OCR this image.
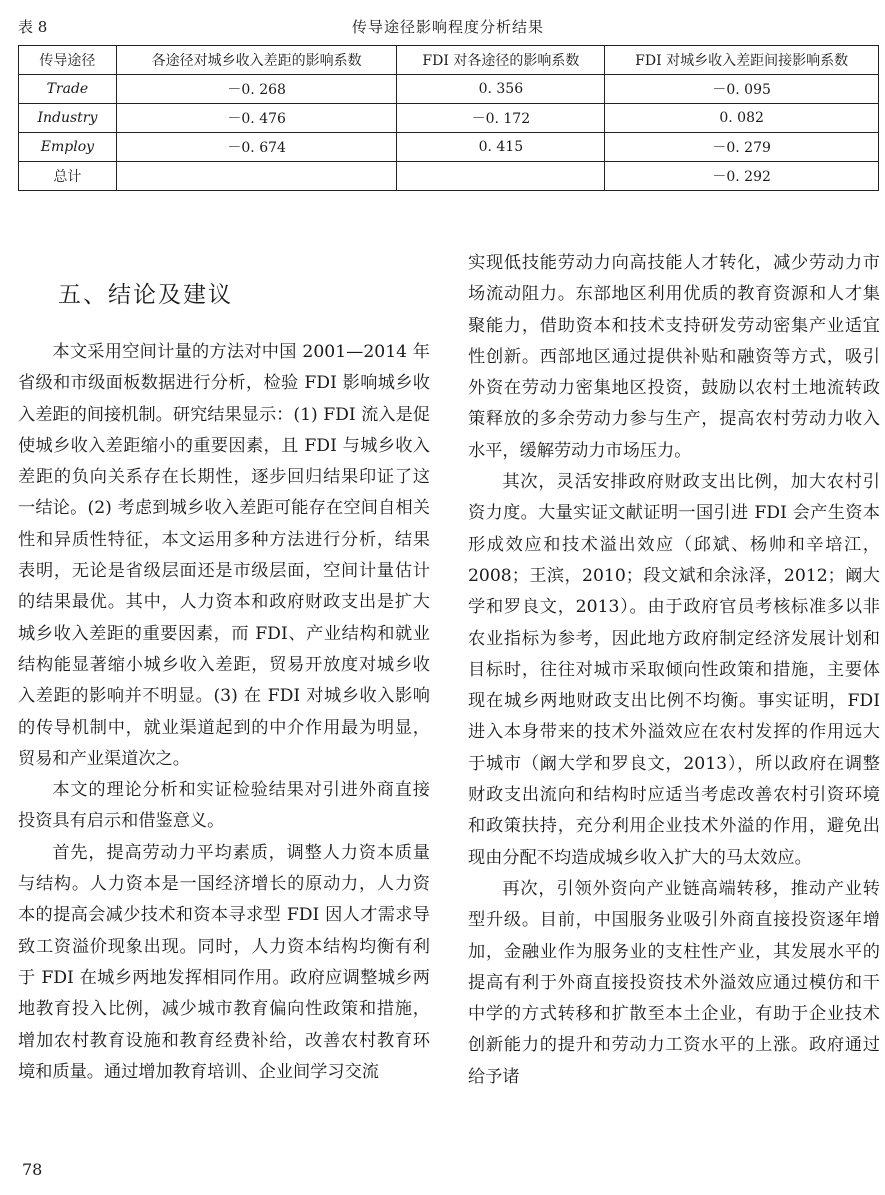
表 8	传导途径影响程度分析结果
传导途径	各途径对城乡收入差距的影响系数	FDI 对各途径的影响系数	FDI 对城乡收入差距间接影响系数
Trade	－0. 268	0. 356	－0. 095
Industry	－0. 476	－0. 172	0. 082
Employ	－0. 674	0. 415	－0. 279
总计			－0. 292
五、结论及建议

本文采用空间计量的方法对中国 2001—2014 年省级和市级面板数据进行分析，检验 FDI 影响城乡收入差距的间接机制。研究结果显示：(1) FDI 流入是促使城乡收入差距缩小的重要因素，且 FDI 与城乡收入差距的负向关系存在长期性，逐步回归结果印证了这一结论。(2) 考虑到城乡收入差距可能存在空间自相关性和异质性特征，本文运用多种方法进行分析，结果表明，无论是省级层面还是市级层面，空间计量估计的结果最优。其中，人力资本和政府财政支出是扩大城乡收入差距的重要因素，而 FDI、产业结构和就业结构能显著缩小城乡收入差距，贸易开放度对城乡收入差距的影响并不明显。(3) 在 FDI 对城乡收入影响的传导机制中，就业渠道起到的中介作用最为明显，贸易和产业渠道次之。

本文的理论分析和实证检验结果对引进外商直接投资具有启示和借鉴意义。

首先，提高劳动力平均素质，调整人力资本质量与结构。人力资本是一国经济增长的原动力，人力资本的提高会减少技术和资本寻求型 FDI 因人才需求导致工资溢价现象出现。同时，人力资本结构均衡有利于 FDI 在城乡两地发挥相同作用。政府应调整城乡两地教育投入比例，减少城市教育偏向性政策和措施，增加农村教育设施和教育经费补给，改善农村教育环境和质量。通过增加教育培训、企业间学习交流

实现低技能劳动力向高技能人才转化，减少劳动力市场流动阻力。东部地区利用优质的教育资源和人才集聚能力，借助资本和技术支持研发劳动密集产业适宜性创新。西部地区通过提供补贴和融资等方式，吸引外资在劳动力密集地区投资，鼓励以农村土地流转政策释放的多余劳动力参与生产，提高农村劳动力收入水平，缓解劳动力市场压力。

其次，灵活安排政府财政支出比例，加大农村引资力度。大量实证文献证明一国引进 FDI 会产生资本形成效应和技术溢出效应（邱斌、杨帅和辛培江，2008；王滨，2010；段文斌和余泳泽，2012；阚大学和罗良文，2013）。由于政府官员考核标准多以非农业指标为参考，因此地方政府制定经济发展计划和目标时，往往对城市采取倾向性政策和措施，主要体现在城乡两地财政支出比例不均衡。事实证明，FDI 进入本身带来的技术外溢效应在农村发挥的作用远大于城市（阚大学和罗良文，2013），所以政府在调整财政支出流向和结构时应适当考虑改善农村引资环境和政策扶持，充分利用企业技术外溢的作用，避免出现由分配不均造成城乡收入扩大的马太效应。

再次，引领外资向产业链高端转移，推动产业转型升级。目前，中国服务业吸引外商直接投资逐年增加，金融业作为服务业的支柱性产业，其发展水平的提高有利于外商直接投资技术外溢效应通过模仿和干中学的方式转移和扩散至本土企业，有助于企业技术创新能力的提升和劳动力工资水平的上涨。政府通过给予诸

78
